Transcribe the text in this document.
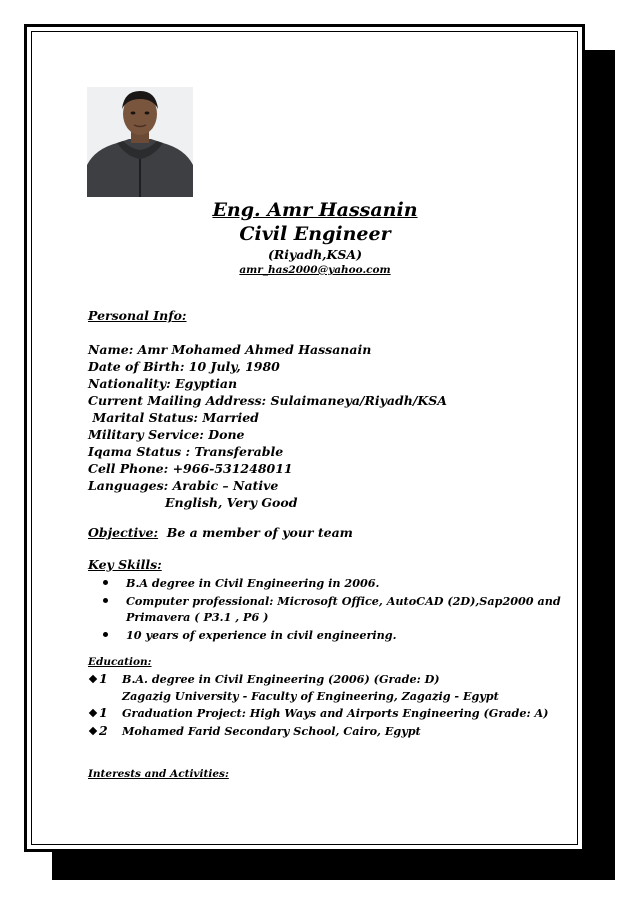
Eng. Amr Hassanin
Civil Engineer
(Riyadh,KSA)
amr_has2000@yahoo.com
Personal Info:
Name: Amr Mohamed Ahmed Hassanain
Date of Birth: 10 July, 1980
Nationality: Egyptian
Current Mailing Address: Sulaimaneya/Riyadh/KSA
Marital Status: Married
Military Service: Done
Iqama Status : Transferable
Cell Phone: +966-531248011
Languages: Arabic – Native
English, Very Good
Objective: Be a member of your team
Key Skills:
B.A degree in Civil Engineering in 2006.
Computer professional: Microsoft Office, AutoCAD (2D),Sap2000 and Primavera ( P3.1 , P6 )
10 years of experience in civil engineering.
Education:
1 B.A. degree in Civil Engineering (2006) (Grade: D)
Zagazig University - Faculty of Engineering, Zagazig - Egypt
1 Graduation Project: High Ways and Airports Engineering (Grade: A)
2 Mohamed Farid Secondary School, Cairo, Egypt
Interests and Activities:
